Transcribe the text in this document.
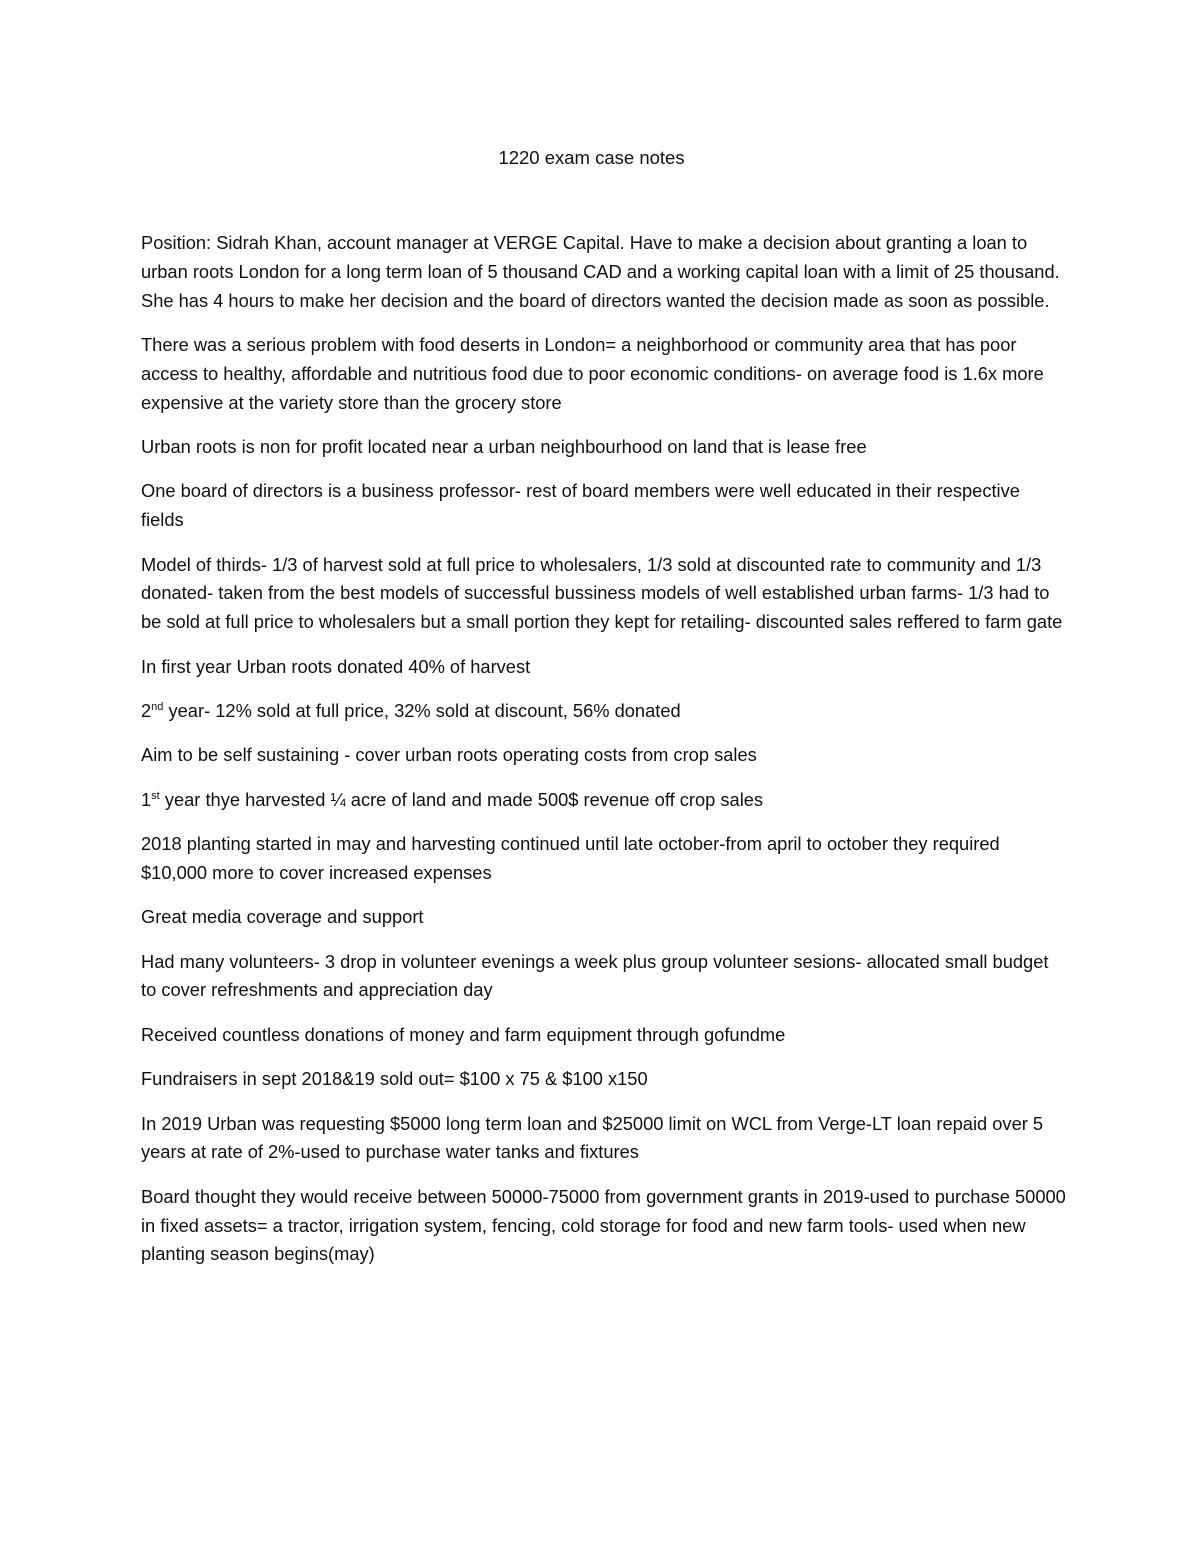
1220 exam case notes

Position: Sidrah Khan, account manager at VERGE Capital. Have to make a decision about granting a loan to urban roots London for a long term loan of 5 thousand CAD and a working capital loan with a limit of 25 thousand. She has 4 hours to make her decision and the board of directors wanted the decision made as soon as possible.

There was a serious problem with food deserts in London= a neighborhood or community area that has poor access to healthy, affordable and nutritious food due to poor economic conditions- on average food is 1.6x more expensive at the variety store than the grocery store

Urban roots is non for profit located near a urban neighbourhood on land that is lease free

One board of directors is a business professor- rest of board members were well educated in their respective fields

Model of thirds- 1/3 of harvest sold at full price to wholesalers, 1/3 sold at discounted rate to community and 1/3 donated- taken from the best models of successful bussiness models of well established urban farms- 1/3 had to be sold at full price to wholesalers but a small portion they kept for retailing- discounted sales reffered to farm gate

In first year Urban roots donated 40% of harvest

2nd year- 12% sold at full price, 32% sold at discount, 56% donated

Aim to be self sustaining - cover urban roots operating costs from crop sales

1st year thye harvested ¼ acre of land and made 500$ revenue off crop sales

2018 planting started in may and harvesting continued until late october-from april to october they required $10,000 more to cover increased expenses

Great media coverage and support

Had many volunteers- 3 drop in volunteer evenings a week plus group volunteer sesions- allocated small budget to cover refreshments and appreciation day

Received countless donations of money and farm equipment through gofundme

Fundraisers in sept 2018&19 sold out= $100 x 75 & $100 x150

In 2019 Urban was requesting $5000 long term loan and $25000 limit on WCL from Verge-LT loan repaid over 5 years at rate of 2%-used to purchase water tanks and fixtures

Board thought they would receive between 50000-75000 from government grants in 2019-used to purchase 50000 in fixed assets= a tractor, irrigation system, fencing, cold storage for food and new farm tools- used when new planting season begins(may)
